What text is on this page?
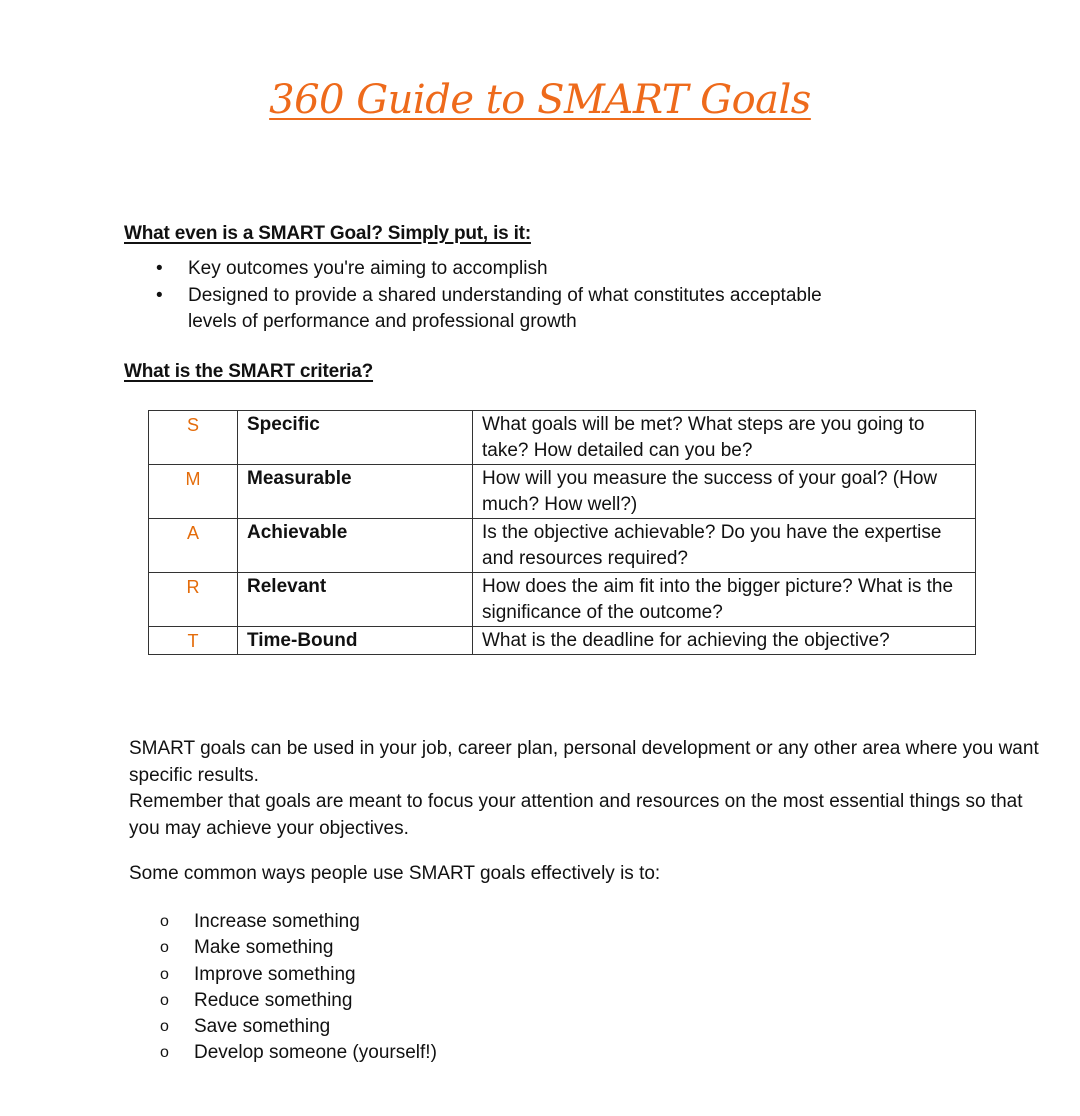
360 Guide to SMART Goals
What even is a SMART Goal? Simply put, is it:
• Key outcomes you're aiming to accomplish
• Designed to provide a shared understanding of what constitutes acceptable levels of performance and professional growth
What is the SMART criteria?
S	Specific	What goals will be met? What steps are you going to take? How detailed can you be?
M	Measurable	How will you measure the success of your goal? (How much? How well?)
A	Achievable	Is the objective achievable? Do you have the expertise and resources required?
R	Relevant	How does the aim fit into the bigger picture? What is the significance of the outcome?
T	Time-Bound	What is the deadline for achieving the objective?

SMART goals can be used in your job, career plan, personal development or any other area where you want specific results.

Remember that goals are meant to focus your attention and resources on the most essential things so that you may achieve your objectives.

Some common ways people use SMART goals effectively is to:

o Increase something
o Make something
o Improve something
o Reduce something
o Save something
o Develop someone (yourself!)
